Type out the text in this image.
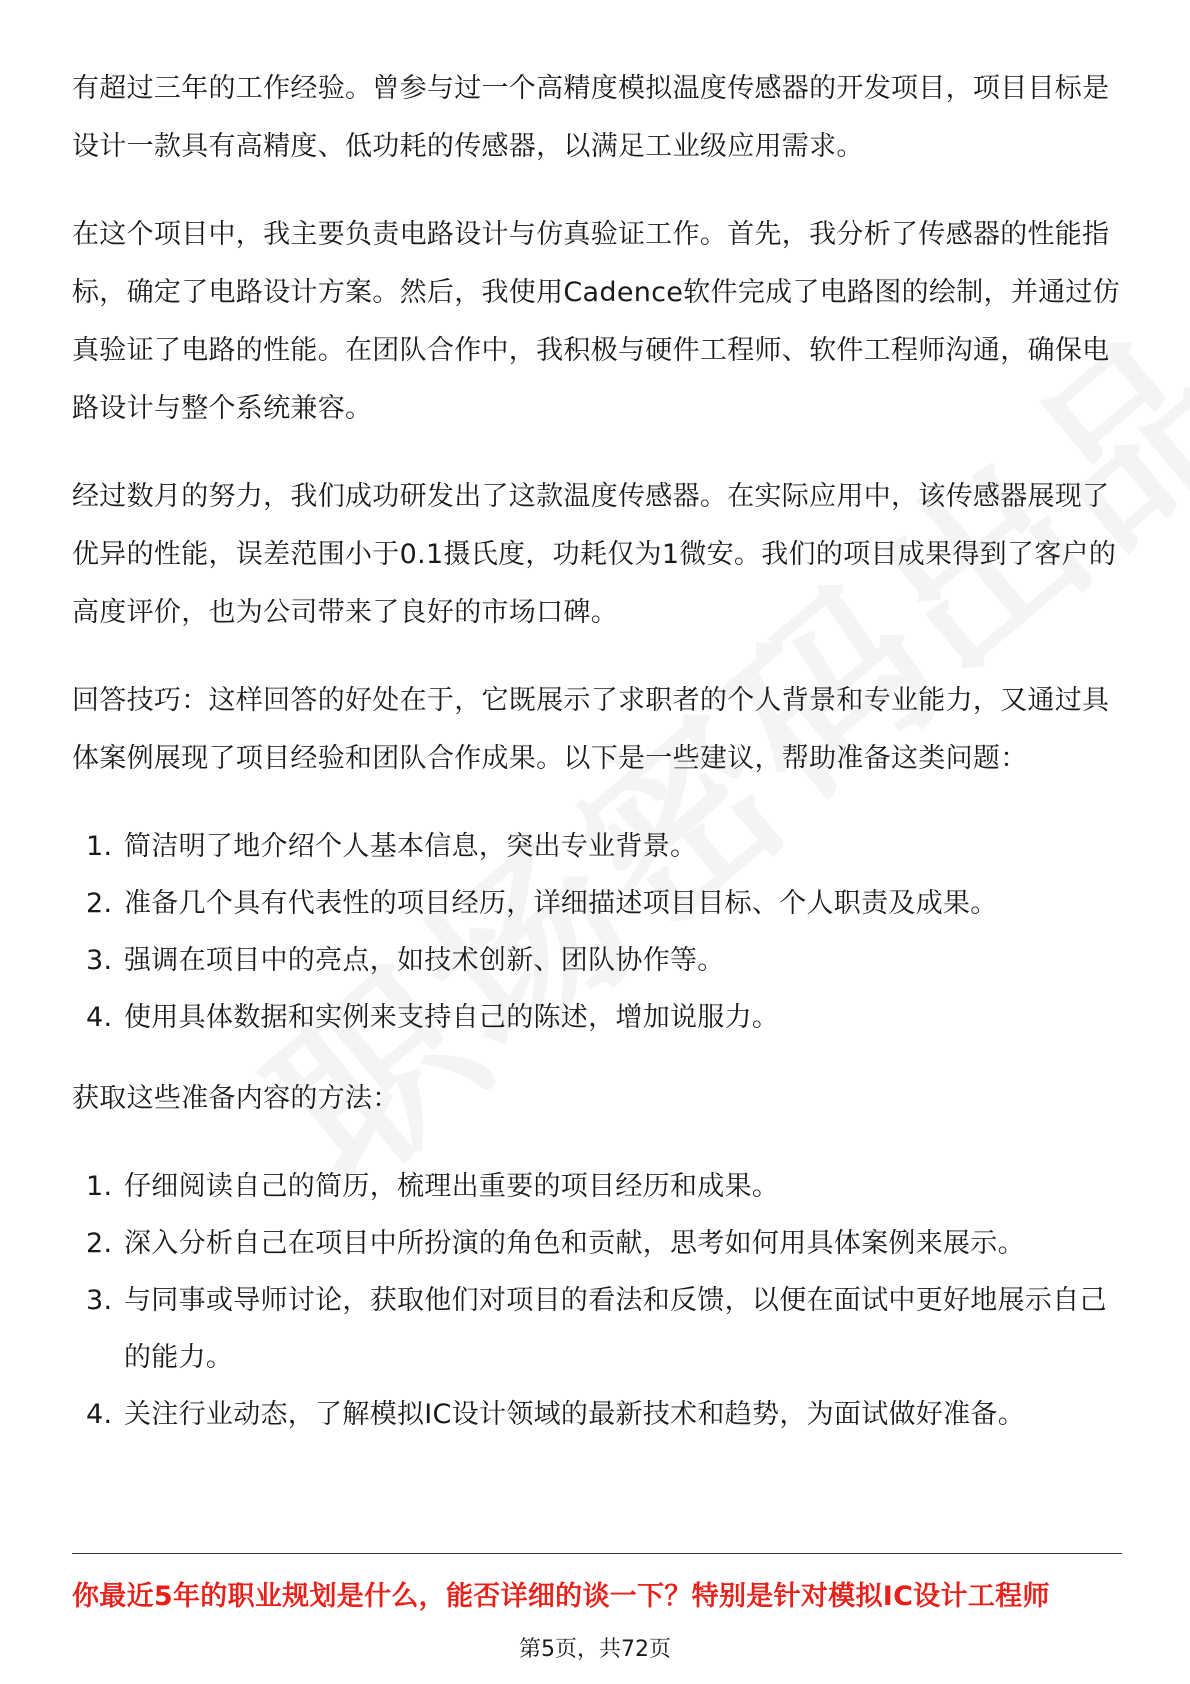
有超过三年的工作经验。曾参与过一个高精度模拟温度传感器的开发项目，项目目标是设计一款具有高精度、低功耗的传感器，以满足工业级应用需求。

在这个项目中，我主要负责电路设计与仿真验证工作。首先，我分析了传感器的性能指标，确定了电路设计方案。然后，我使用Cadence软件完成了电路图的绘制，并通过仿真验证了电路的性能。在团队合作中，我积极与硬件工程师、软件工程师沟通，确保电路设计与整个系统兼容。

经过数月的努力，我们成功研发出了这款温度传感器。在实际应用中，该传感器展现了优异的性能，误差范围小于0.1摄氏度，功耗仅为1微安。我们的项目成果得到了客户的高度评价，也为公司带来了良好的市场口碑。

回答技巧：这样回答的好处在于，它既展示了求职者的个人背景和专业能力，又通过具体案例展现了项目经验和团队合作成果。以下是一些建议，帮助准备这类问题：

1. 简洁明了地介绍个人基本信息，突出专业背景。
2. 准备几个具有代表性的项目经历，详细描述项目目标、个人职责及成果。
3. 强调在项目中的亮点，如技术创新、团队协作等。
4. 使用具体数据和实例来支持自己的陈述，增加说服力。

获取这些准备内容的方法：

1. 仔细阅读自己的简历，梳理出重要的项目经历和成果。
2. 深入分析自己在项目中所扮演的角色和贡献，思考如何用具体案例来展示。
3. 与同事或导师讨论，获取他们对项目的看法和反馈，以便在面试中更好地展示自己的能力。
4. 关注行业动态，了解模拟IC设计领域的最新技术和趋势，为面试做好准备。
你最近5年的职业规划是什么，能否详细的谈一下？特别是针对模拟IC设计工程师
第5页，共72页
